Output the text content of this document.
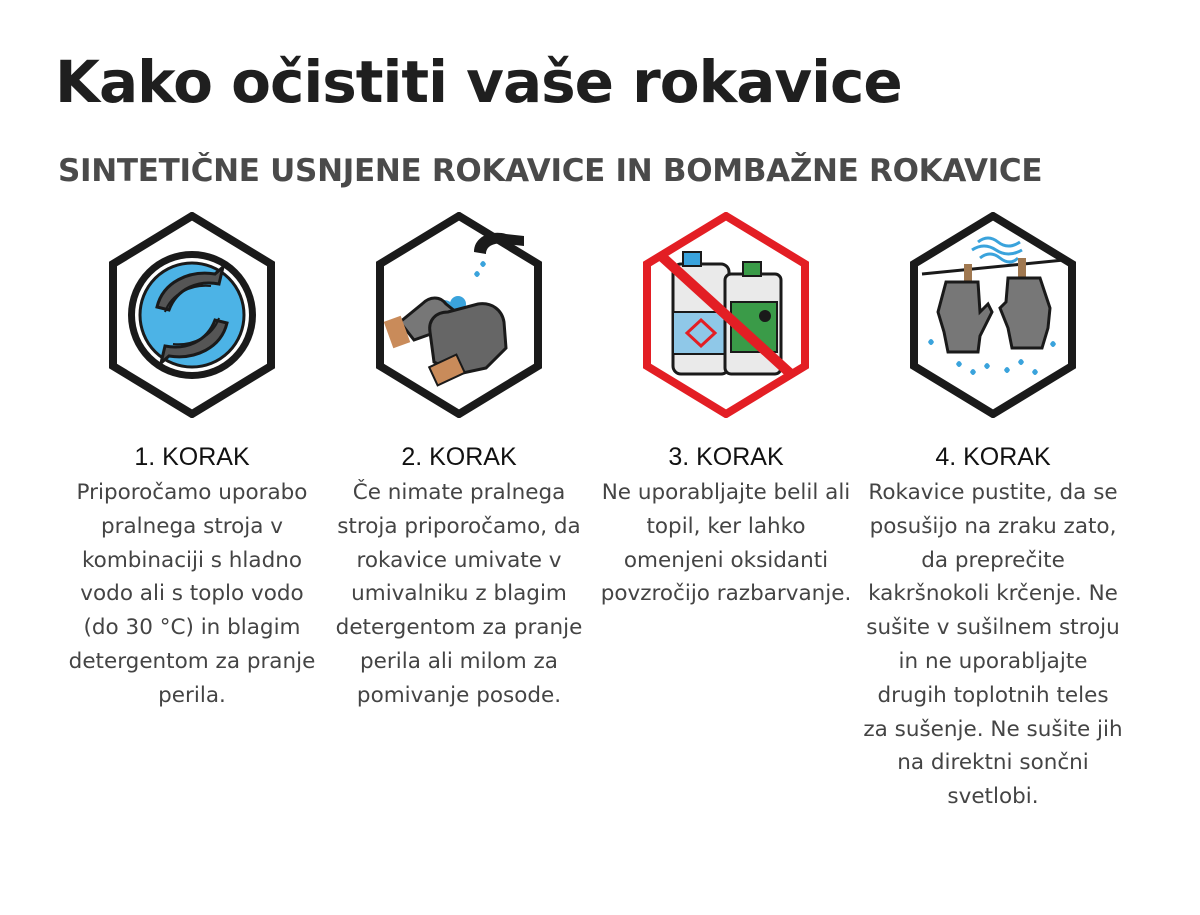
Kako očistiti vaše rokavice
SINTETIČNE USNJENE ROKAVICE IN BOMBAŽNE ROKAVICE
1. KORAK
Priporočamo uporabo pralnega stroja v kombinaciji s hladno vodo ali s toplo vodo (do 30 °C) in blagim detergentom za pranje perila.
2. KORAK
Če nimate pralnega stroja priporočamo, da rokavice umivate v umivalniku z blagim detergentom za pranje perila ali milom za pomivanje posode.
3. KORAK
Ne uporabljajte belil ali topil, ker lahko omenjeni oksidanti povzročijo razbarvanje.
4. KORAK
Rokavice pustite, da se posušijo na zraku zato, da preprečite kakršnokoli krčenje. Ne sušite v sušilnem stroju in ne uporabljajte drugih toplotnih teles za sušenje. Ne sušite jih na direktni sončni svetlobi.
